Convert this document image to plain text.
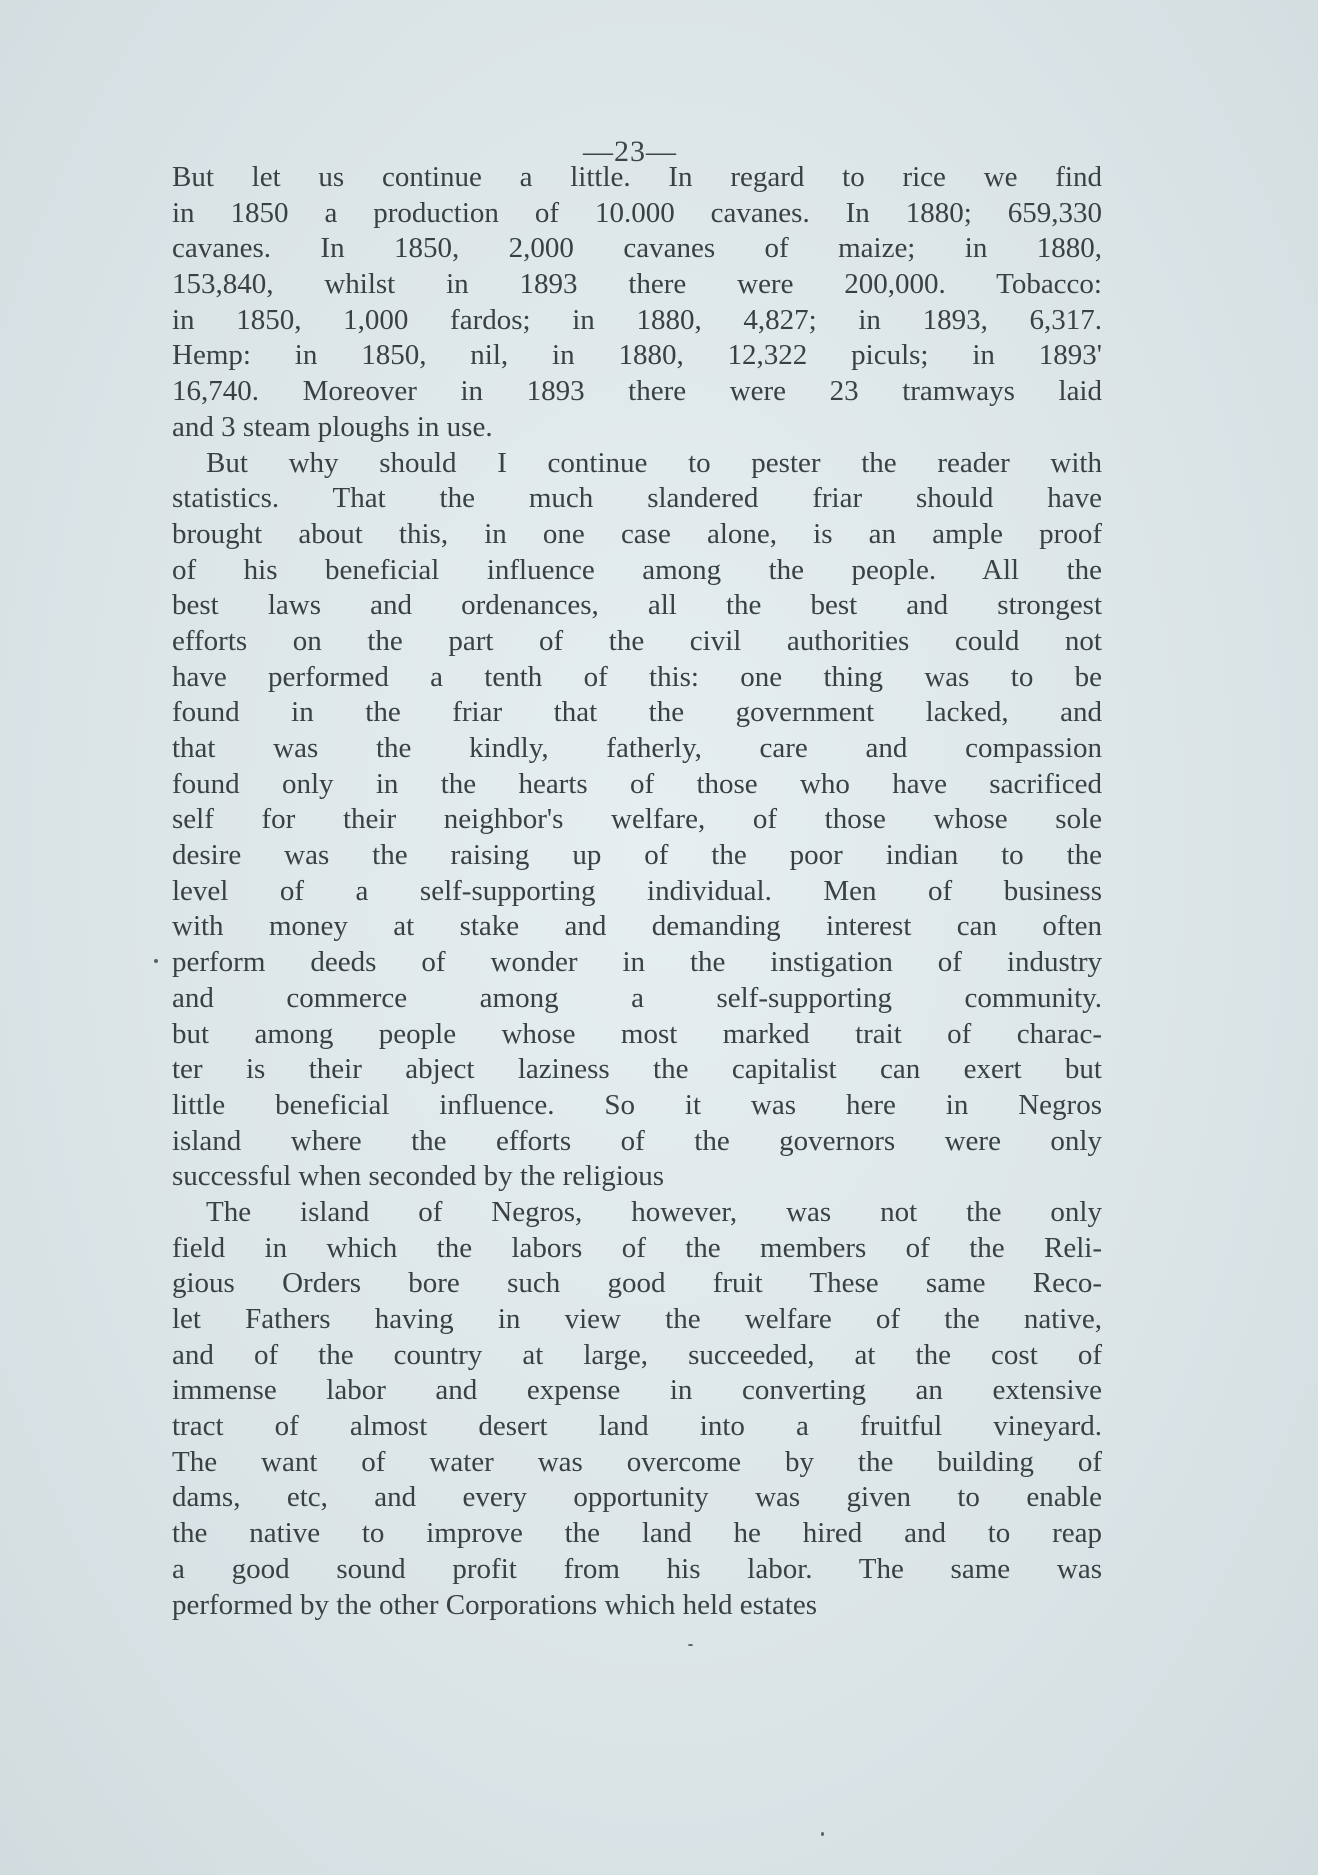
—23—
But let us continue a little. In regard to rice we find
in 1850 a production of 10.000 cavanes. In 1880; 659,330
cavanes. In 1850, 2,000 cavanes of maize; in 1880,
153,840, whilst in 1893 there were 200,000. Tobacco:
in 1850, 1,000 fardos; in 1880, 4,827; in 1893, 6,317.
Hemp: in 1850, nil, in 1880, 12,322 piculs; in 1893'
16,740. Moreover in 1893 there were 23 tramways laid
and 3 steam ploughs in use.
But why should I continue to pester the reader with
statistics. That the much slandered friar should have
brought about this, in one case alone, is an ample proof
of his beneficial influence among the people. All the
best laws and ordenances, all the best and strongest
efforts on the part of the civil authorities could not
have performed a tenth of this: one thing was to be
found in the friar that the government lacked, and
that was the kindly, fatherly, care and compassion
found only in the hearts of those who have sacrificed
self for their neighbor's welfare, of those whose sole
desire was the raising up of the poor indian to the
level of a self-supporting individual. Men of business
with money at stake and demanding interest can often
perform deeds of wonder in the instigation of industry
and commerce among a self-supporting community.
but among people whose most marked trait of charac-
ter is their abject laziness the capitalist can exert but
little beneficial influence. So it was here in Negros
island where the efforts of the governors were only
successful when seconded by the religious
The island of Negros, however, was not the only
field in which the labors of the members of the Reli-
gious Orders bore such good fruit These same Reco-
let Fathers having in view the welfare of the native,
and of the country at large, succeeded, at the cost of
immense labor and expense in converting an extensive
tract of almost desert land into a fruitful vineyard.
The want of water was overcome by the building of
dams, etc, and every opportunity was given to enable
the native to improve the land he hired and to reap
a good sound profit from his labor. The same was
performed by the other Corporations which held estates
